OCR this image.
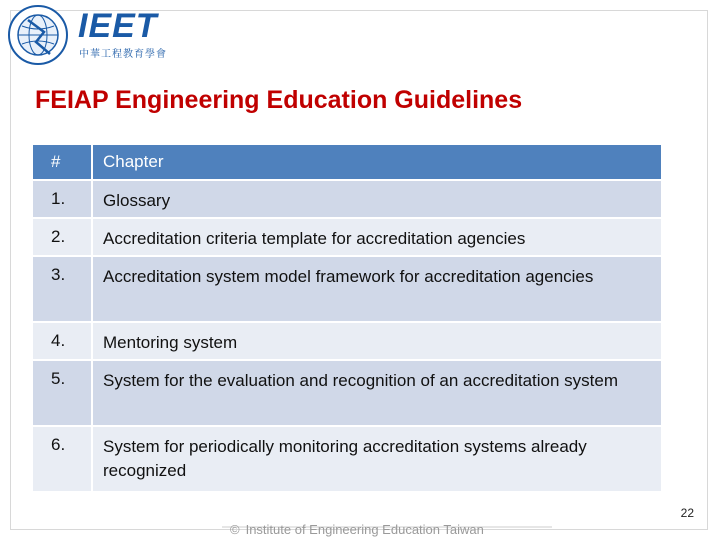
IEET
中華工程教育學會
FEIAP Engineering Education Guidelines
#	Chapter
1.	Glossary
2.	Accreditation criteria template for accreditation agencies
3.	Accreditation system model framework for accreditation agencies
4.	Mentoring system
5.	System for the evaluation and recognition of an accreditation system
6.	System for periodically monitoring accreditation systems already recognized
22
© Institute of Engineering Education Taiwan
